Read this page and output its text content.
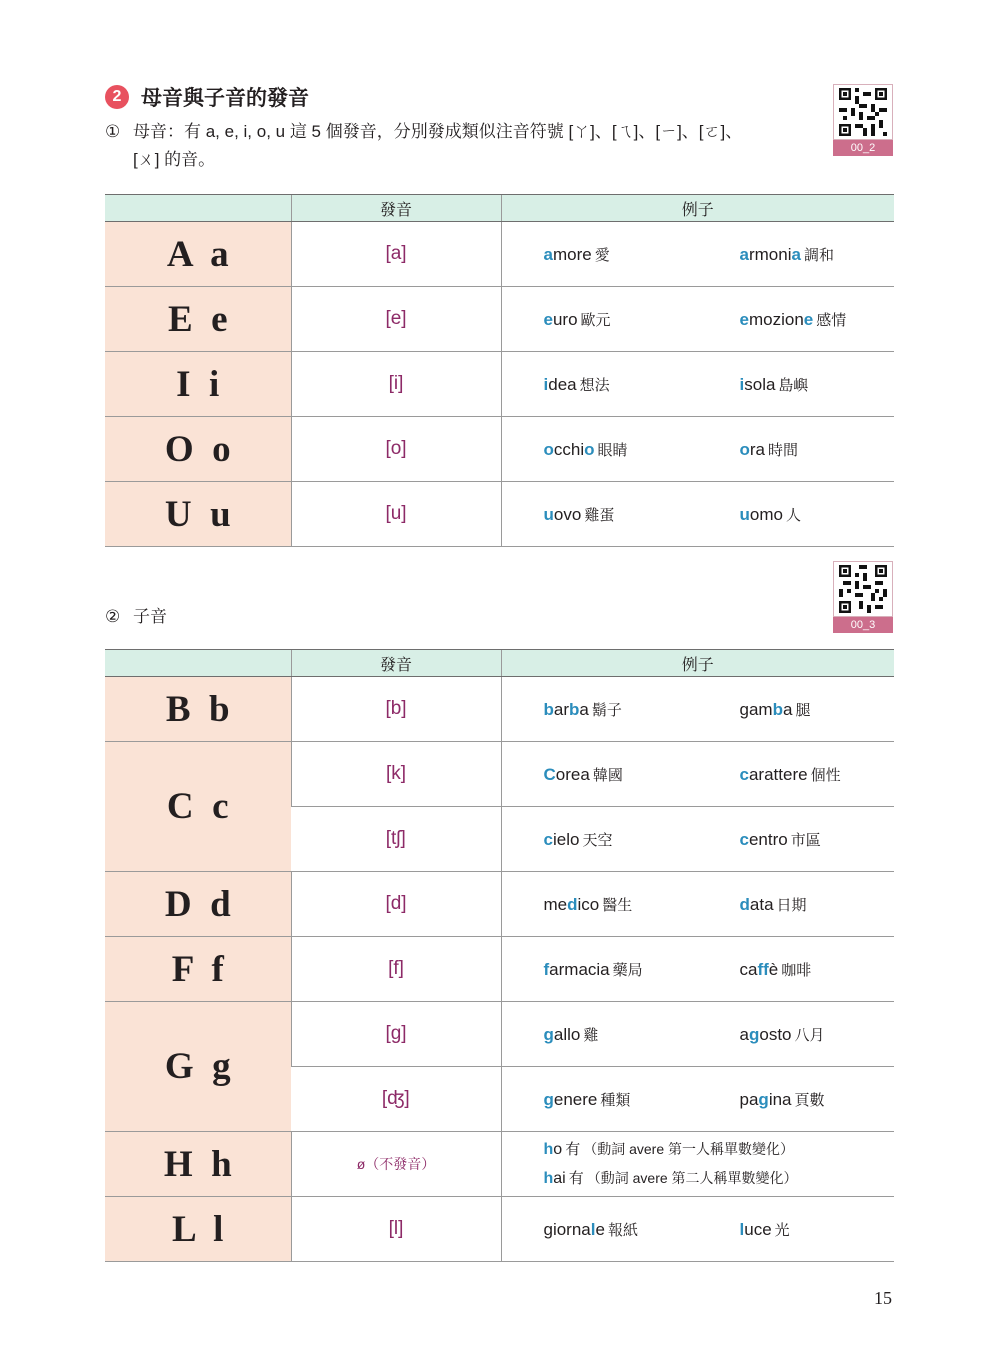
2 母音與子音的發音
① 母音：有 a, e, i, o, u 這 5 個發音，分別發成類似注音符號 [ㄚ]、[ㄟ]、[ㄧ]、[ㄛ]、
[ㄨ] 的音。
00_2
	發音	例子
A  a	[a]	amore 愛 armonia 調和
E  e	[e]	euro 歐元 emozione 感情
I  i	[i]	idea 想法 isola 島嶼
O  o	[o]	occhio 眼睛 ora 時間
U  u	[u]	uovo 雞蛋 uomo 人
② 子音	00_3
	發音	例子
B  b	[b]	barba 鬍子 gamba 腿
C  c	[k]	Corea 韓國 carattere 個性
	[tʃ]	cielo 天空 centro 市區
D  d	[d]	medico 醫生 data 日期
F  f	[f]	farmacia 藥局 caffè 咖啡
G  g	[g]	gallo 雞 agosto 八月
	[ʤ]	genere 種類 pagina 頁數
H  h	ø（不發音）	ho 有 （動詞 avere 第一人稱單數變化）
hai 有 （動詞 avere 第二人稱單數變化）

L  l	[l]	giornale 報紙 luce 光
15
